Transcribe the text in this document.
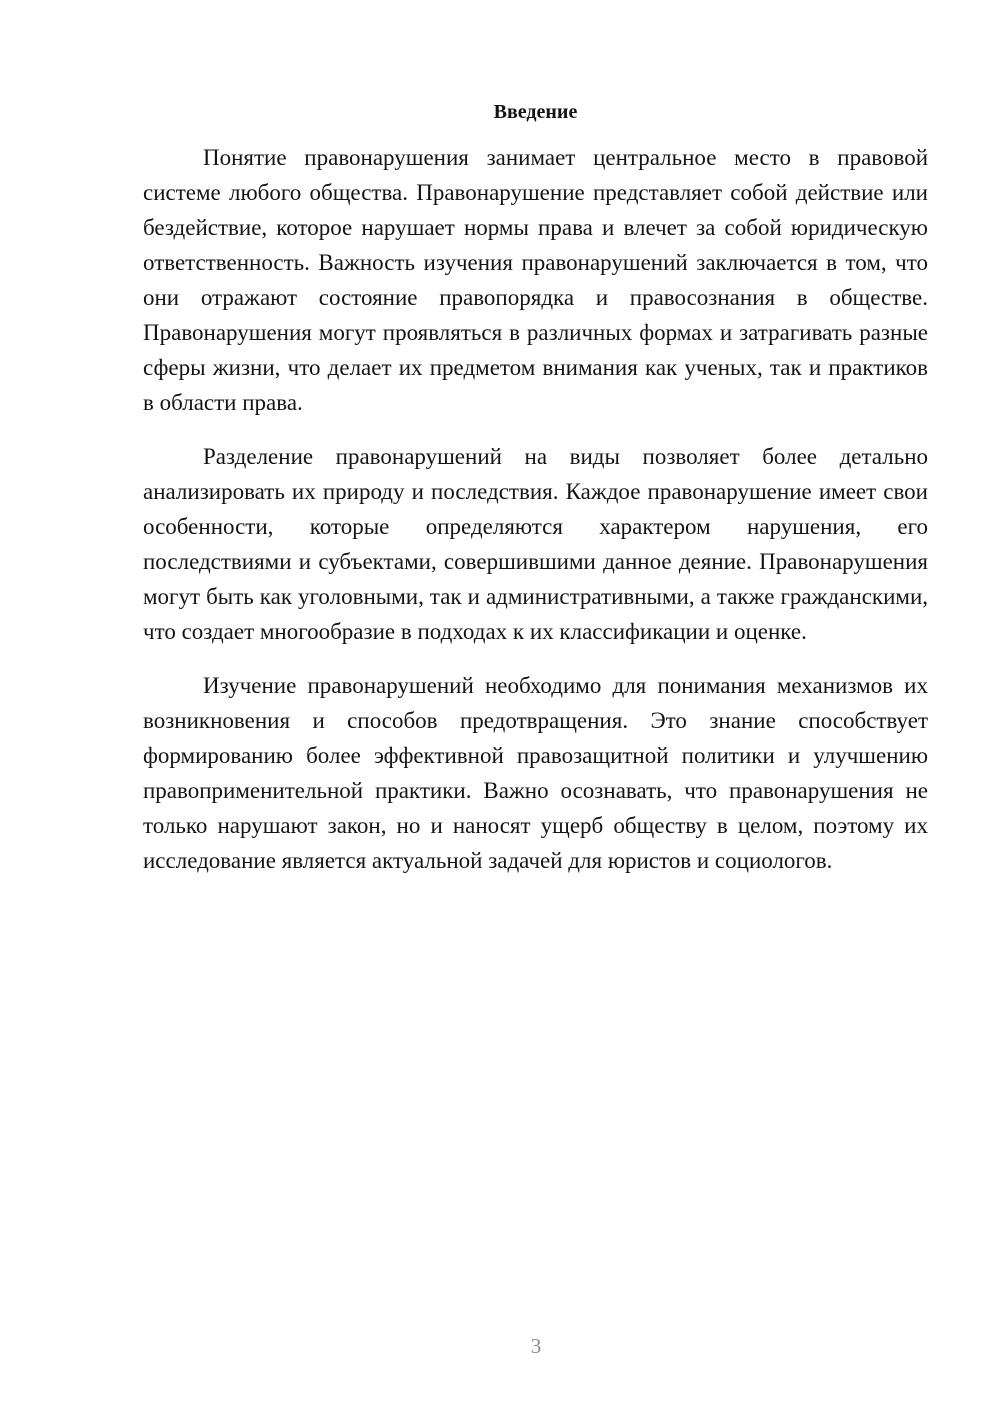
Введение

Понятие правонарушения занимает центральное место в правовой системе любого общества. Правонарушение представляет собой действие или бездействие, которое нарушает нормы права и влечет за собой юридическую ответственность. Важность изучения правонарушений заключается в том, что они отражают состояние правопорядка и правосознания в обществе. Правонарушения могут проявляться в различных формах и затрагивать разные сферы жизни, что делает их предметом внимания как ученых, так и практиков в области права.

Разделение правонарушений на виды позволяет более детально анализировать их природу и последствия. Каждое правонарушение имеет свои особенности, которые определяются характером нарушения, его последствиями и субъектами, совершившими данное деяние. Правонарушения могут быть как уголовными, так и административными, а также гражданскими, что создает многообразие в подходах к их классификации и оценке.

Изучение правонарушений необходимо для понимания механизмов их возникновения и способов предотвращения. Это знание способствует формированию более эффективной правозащитной политики и улучшению правоприменительной практики. Важно осознавать, что правонарушения не только нарушают закон, но и наносят ущерб обществу в целом, поэтому их исследование является актуальной задачей для юристов и социологов.

3
